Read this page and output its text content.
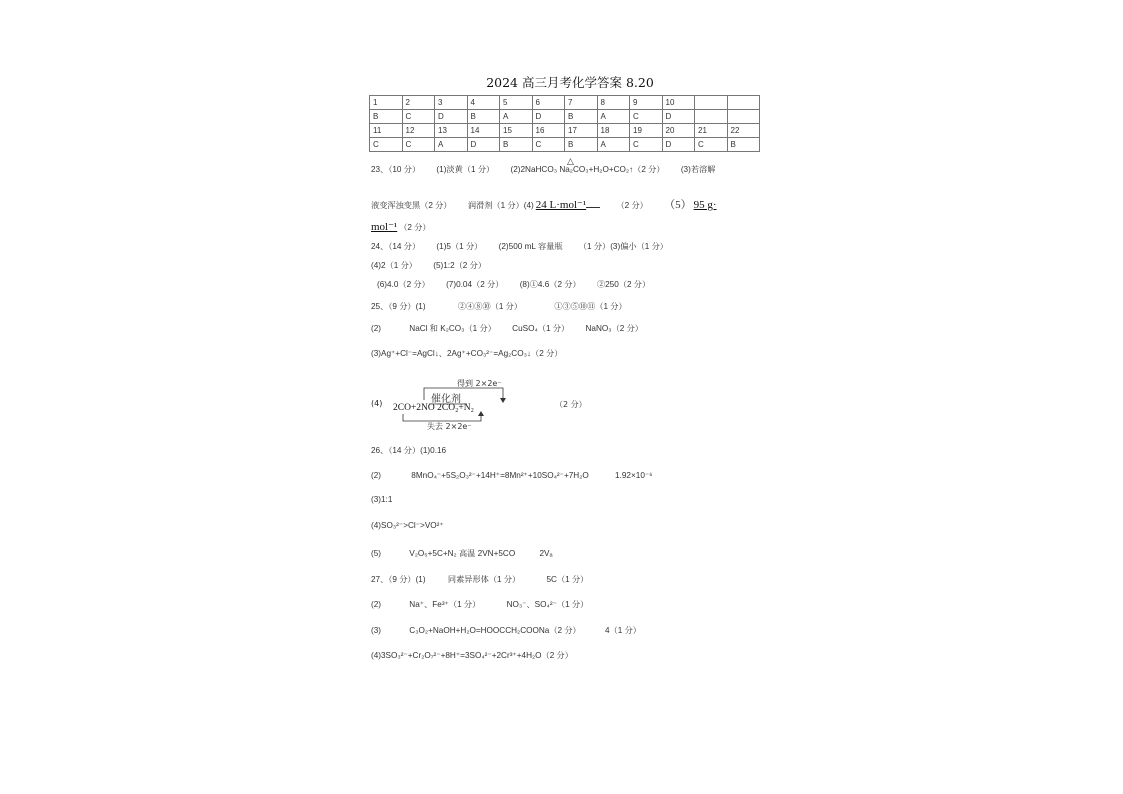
2024 高三月考化学答案 8.20
1	2	3	4	5	6	7	8	9	10		
B	C	D	B	A	D	B	A	C	D		
11	12	13	14	15	16	17	18	19	20	21	22
C	C	A	D	B	C	B	A	C	D	C	B
23、（10 分） (1)淡黄（1 分） (2)2NaHCO₃ Na₂CO₃+H₂O+CO₂↑（2 分） (3)若溶解
△
液变浑浊变黑（2 分） 润滑剂（1 分）(4) 24 L·mol⁻¹	（2 分） （5） 95 g·
mol⁻¹ （2 分）
24、（14 分） (1)5（1 分） (2)500 mL 容量瓶 （1 分）(3)偏小（1 分）
(4)2（1 分） (5)1:2（2 分）
(6)4.0（2 分） (7)0.04（2 分） (8)①4.6（2 分） ②250（2 分）
25、（9 分）(1)	②④⑧⑩（1 分）	①③⑤⑩⑪（1 分）
(2)	NaCl 和 K₂CO₃（1 分） CuSO₄（1 分） NaNO₃（2 分）
(3)Ag⁺+Cl⁻=AgCl↓、2Ag⁺+CO₃²⁻=Ag₂CO₃↓（2 分）
(4)
得到 2×2e⁻
催化剂
2CO+2NO 2CO₂+N₂
失去 2×2e⁻
（2 分）
26、（14 分）(1)0.16
(2)	8MnO₄⁻+5S₂O₃²⁻+14H⁺=8Mn²⁺+10SO₄²⁻+7H₂O	1.92×10⁻⁶
(3)1:1
(4)SO₃²⁻>Cl⁻>VO²⁺
(5)	V₂O₅+5C+N₂ 高温 2VN+5CO	2Vₐ
27、（9 分）(1)	同素异形体（1 分）	5C（1 分）
(2)	Na⁺、Fe³⁺（1 分）	NO₃⁻、SO₄²⁻（1 分）
(3)	C₃O₂+NaOH+H₂O=HOOCCH₂COONa（2 分）	4（1 分）
(4)3SO₃²⁻+Cr₂O₇²⁻+8H⁺=3SO₄²⁻+2Cr³⁺+4H₂O（2 分）
